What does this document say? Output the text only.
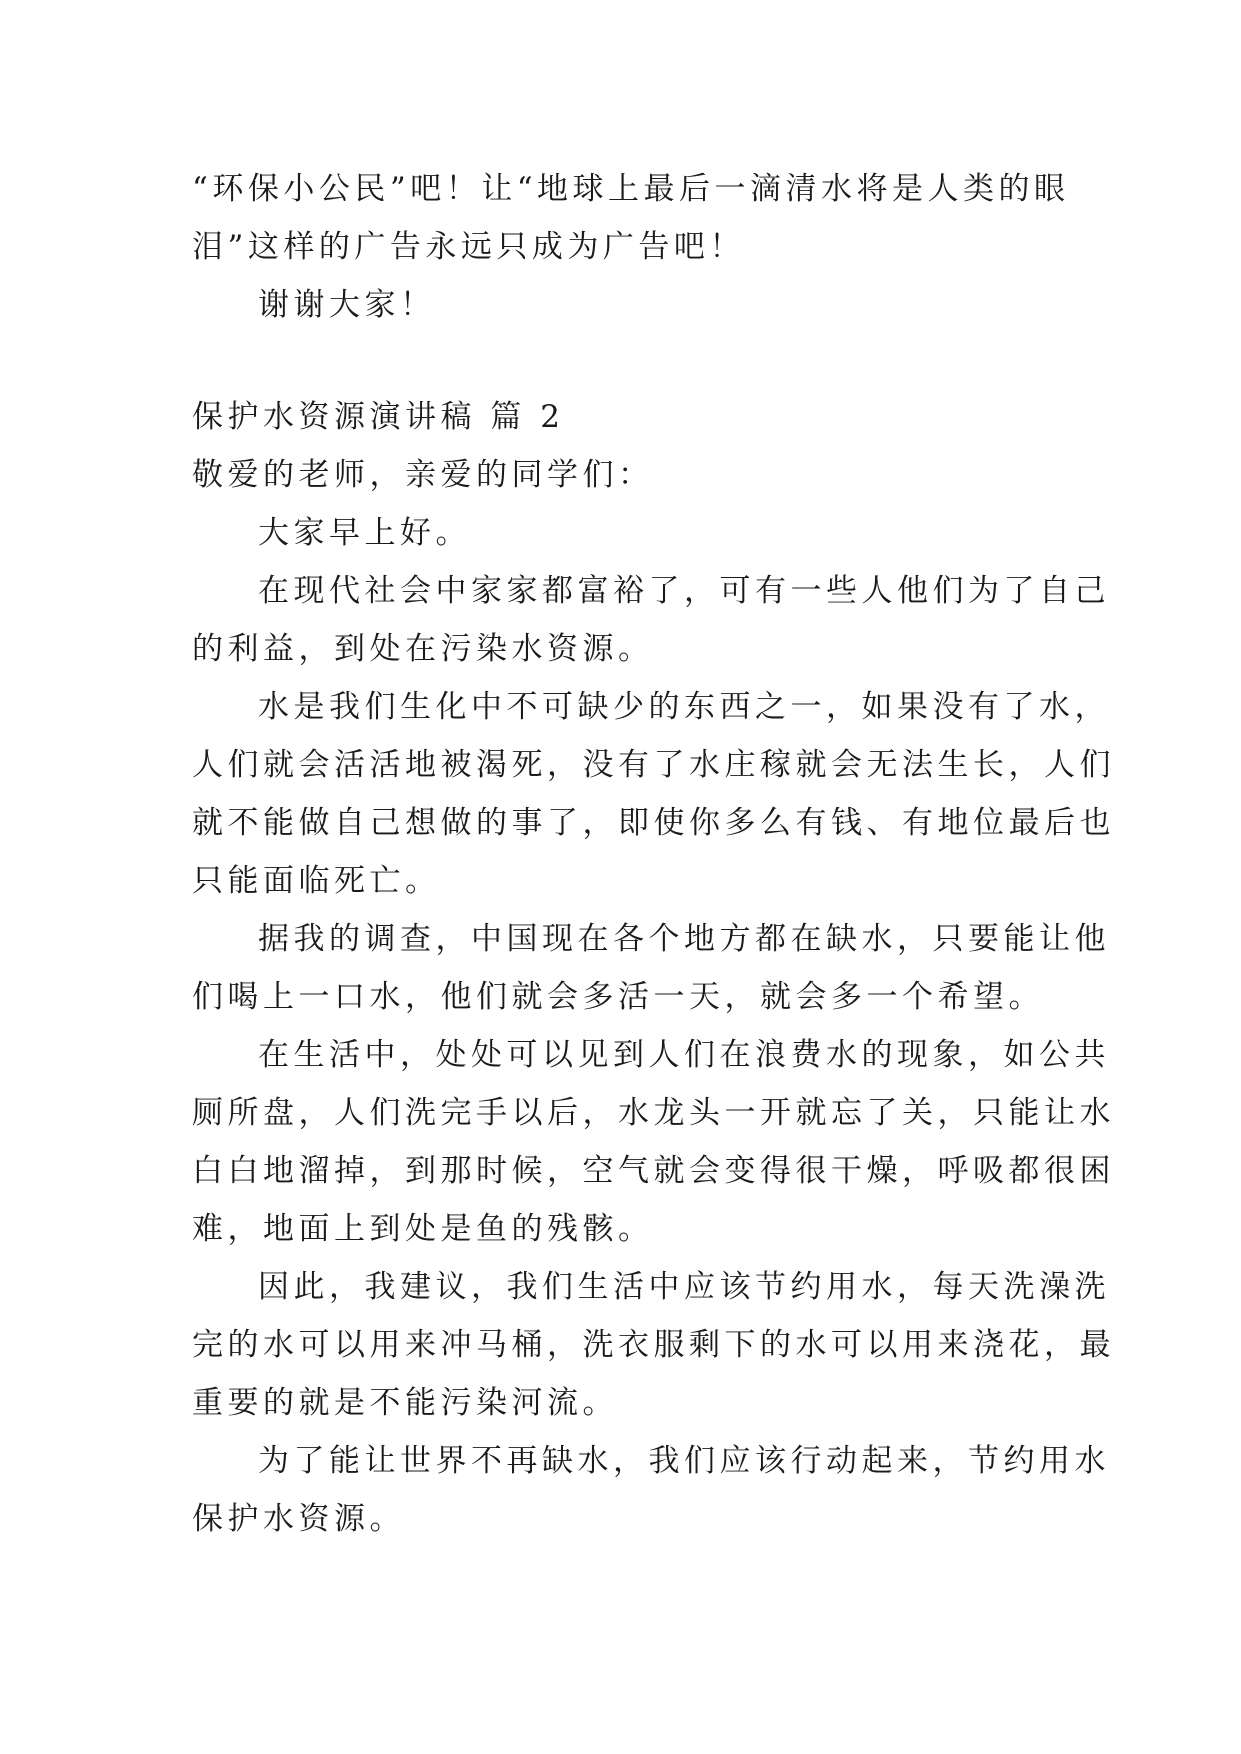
“环保小公民”吧！让“地球上最后一滴清水将是人类的眼

泪”这样的广告永远只成为广告吧！

谢谢大家！

保护水资源演讲稿 篇 2

敬爱的老师，亲爱的同学们：

大家早上好。

在现代社会中家家都富裕了，可有一些人他们为了自己

的利益，到处在污染水资源。

水是我们生化中不可缺少的东西之一，如果没有了水，

人们就会活活地被渴死，没有了水庄稼就会无法生长，人们

就不能做自己想做的事了，即使你多么有钱、有地位最后也

只能面临死亡。

据我的调查，中国现在各个地方都在缺水，只要能让他

们喝上一口水，他们就会多活一天，就会多一个希望。

在生活中，处处可以见到人们在浪费水的现象，如公共

厕所盘，人们洗完手以后，水龙头一开就忘了关，只能让水

白白地溜掉，到那时候，空气就会变得很干燥，呼吸都很困

难，地面上到处是鱼的残骸。

因此，我建议，我们生活中应该节约用水，每天洗澡洗

完的水可以用来冲马桶，洗衣服剩下的水可以用来浇花，最

重要的就是不能污染河流。

为了能让世界不再缺水，我们应该行动起来，节约用水

保护水资源。
